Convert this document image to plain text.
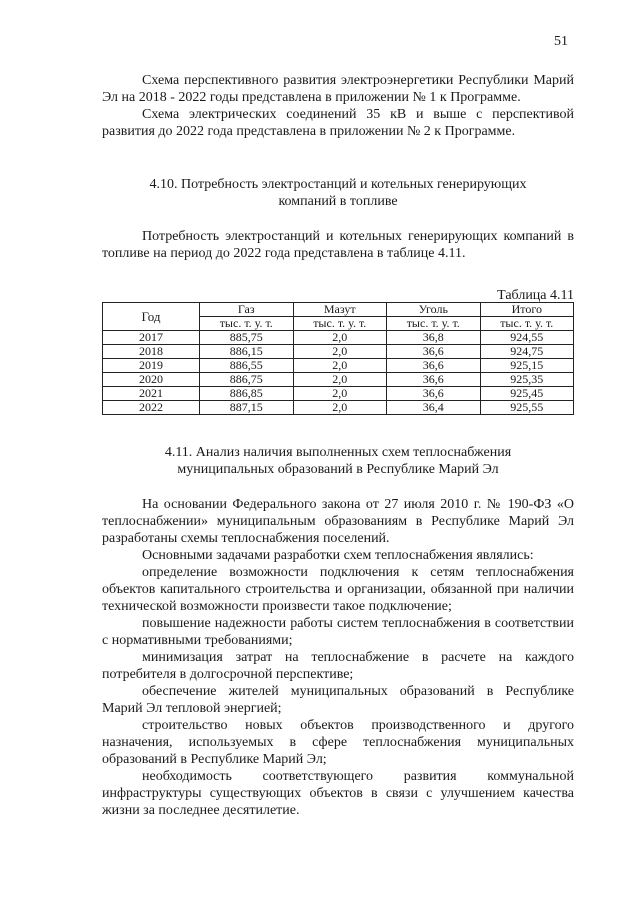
51

Схема перспективного развития электроэнергетики Республики Марий Эл на 2018 - 2022 годы представлена в приложении № 1 к Программе.

Схема электрических соединений 35 кВ и выше с перспективой развития до 2022 года представлена в приложении № 2 к Программе.

4.10. Потребность электростанций и котельных генерирующих

компаний в топливе

Потребность электростанций и котельных генерирующих компаний в топливе на период до 2022 года представлена в таблице 4.11.

Таблица 4.11
Год	Газ	Мазут	Уголь	Итого
	тыс. т. у. т.	тыс. т. у. т.	тыс. т. у. т.	тыс. т. у. т.
2017	885,75	2,0	36,8	924,55
2018	886,15	2,0	36,6	924,75
2019	886,55	2,0	36,6	925,15
2020	886,75	2,0	36,6	925,35
2021	886,85	2,0	36,6	925,45
2022	887,15	2,0	36,4	925,55

4.11. Анализ наличия выполненных схем теплоснабжения

муниципальных образований в Республике Марий Эл

На основании Федерального закона от 27 июля 2010 г. № 190-ФЗ «О теплоснабжении» муниципальным образованиям в Республике Марий Эл разработаны схемы теплоснабжения поселений.

Основными задачами разработки схем теплоснабжения являлись:

определение возможности подключения к сетям теплоснабжения объектов капитального строительства и организации, обязанной при наличии технической возможности произвести такое подключение;

повышение надежности работы систем теплоснабжения в соответствии с нормативными требованиями;

минимизация затрат на теплоснабжение в расчете на каждого потребителя в долгосрочной перспективе;

обеспечение жителей муниципальных образований в Республике Марий Эл тепловой энергией;

строительство новых объектов производственного и другого назначения, используемых в сфере теплоснабжения муниципальных образований в Республике Марий Эл;

необходимость соответствующего развития коммунальной инфраструктуры существующих объектов в связи с улучшением качества жизни за последнее десятилетие.
